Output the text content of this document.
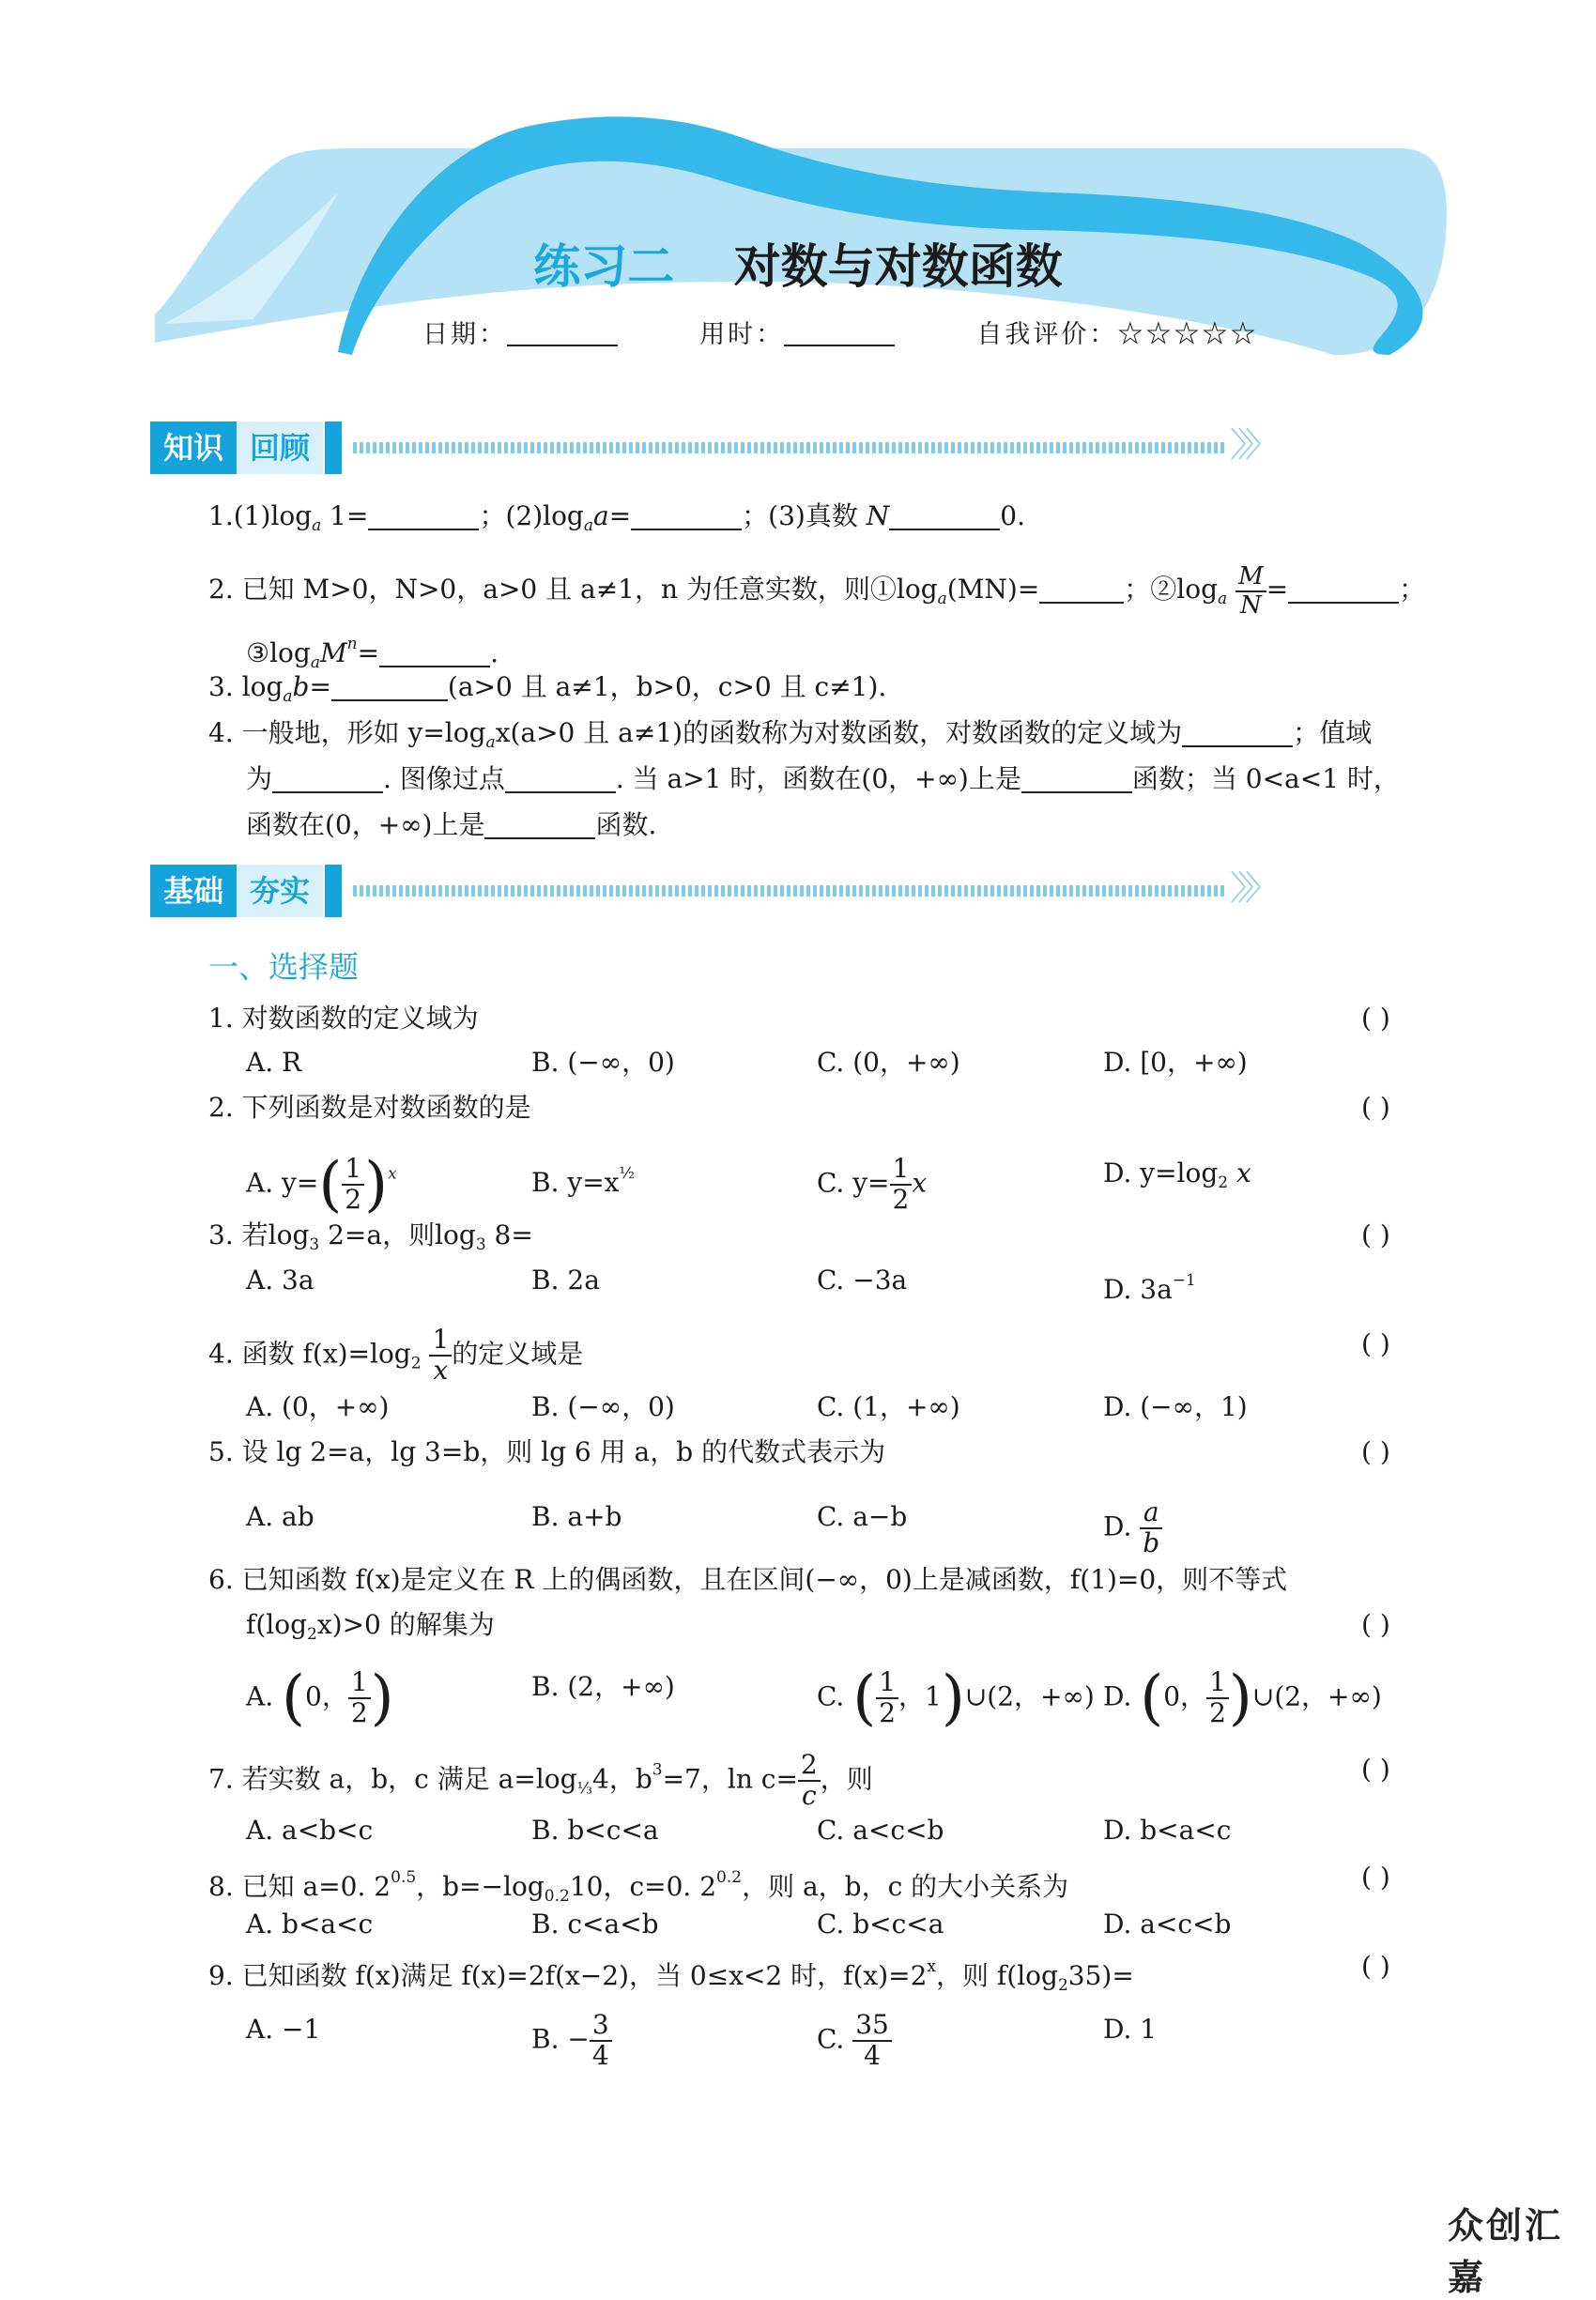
练习二 对数与对数函数
日期：	用时：	自我评价：☆☆☆☆☆
知识 回顾	〉〉〉
$1.(1)\log_a$ 1=	；$(2)\log_aa=$	；(3)真数 N	0.
2. 已知 M>0，N>0，a>0 且 a≠1，n 为任意实数，则$①\log_a(MN)=$	；$②\log_a \frac{M}{N}$ =	；
$③\log_aM^n=$	.
3. $\log_ab=$	(a>0 且 a≠1，b>0，c>0 且 c≠1).
4. 一般地，形如 $y=\log_ax(a>0$ 且 a≠1)的函数称为对数函数，对数函数的定义域为	；值域
为	. 图像过点	. 当 a>1 时，函数在(0，+∞)上是	函数；当 0<a<1 时，
函数在(0，+∞)上是	函数.
基础 夯实	〉〉〉
一、选择题
1. 对数函数的定义域为	( )
A. R	B. (−∞，0)	C. (0，+∞)	D. [0，+∞)
2. 下列函数是对数函数的是	( )
A. $y=( \frac{1}{2} )^x$	B. $y=x^{\frac{1}{2}}$	C. $y= \frac{1}{2}$ x	D. $y=\log_2$ x
3. 若$\log_3 2=a$，则$\log_3 8=$	( )
A. 3a	B. 2a	C. −3a	D. $3a^{-1}$
4. 函数 $f(x)=\log_2 \frac{1}{x}$ 的定义域是	( )
A. (0，+∞)	B. (−∞，0)	C. (1，+∞)	D. (−∞，1)
5. 设 lg 2=a，lg 3=b，则 lg 6 用 a，b 的代数式表示为	( )
A. ab	B. a+b	C. a−b	D. $\frac{a}{b}$
6. 已知函数 f(x)是定义在 R 上的偶函数，且在区间(−∞，0)上是减函数，f(1)=0，则不等式
$f(\log_2x)>0$ 的解集为	( )
A. (0， $\frac{1}{2}$ )	B. (2，+∞)	C. ( $\frac{1}{2}$ ，1)∪(2，+∞) D. (0， $\frac{1}{2}$ )∪(2，+∞)
7. 若实数 a，b，c 满足 $a=\log_{\frac{1}{3}}4$，$b^3=7$，$\ln c= \frac{2}{c}$ ，则	( )
A. a<b<c	B. b<c<a	C. a<c<b	D. b<a<c
8. 已知 a=0. $2^{0.5}$，$b=-\log_{0.2}10$，c=0. $2^{0.2}$，则 a，b，c 的大小关系为	( )
A. b<a<c	B. c<a<b	C. b<c<a	D. a<c<b
9. 已知函数 f(x)满足 f(x)=2f(x−2)，当 0≤x<2 时，$f(x)=2^x$，则 $f(\log_235)=$	( )
A. −1	B. − $\frac{3}{4}$	C. $\frac{35}{4}$	D. 1
众创汇嘉
